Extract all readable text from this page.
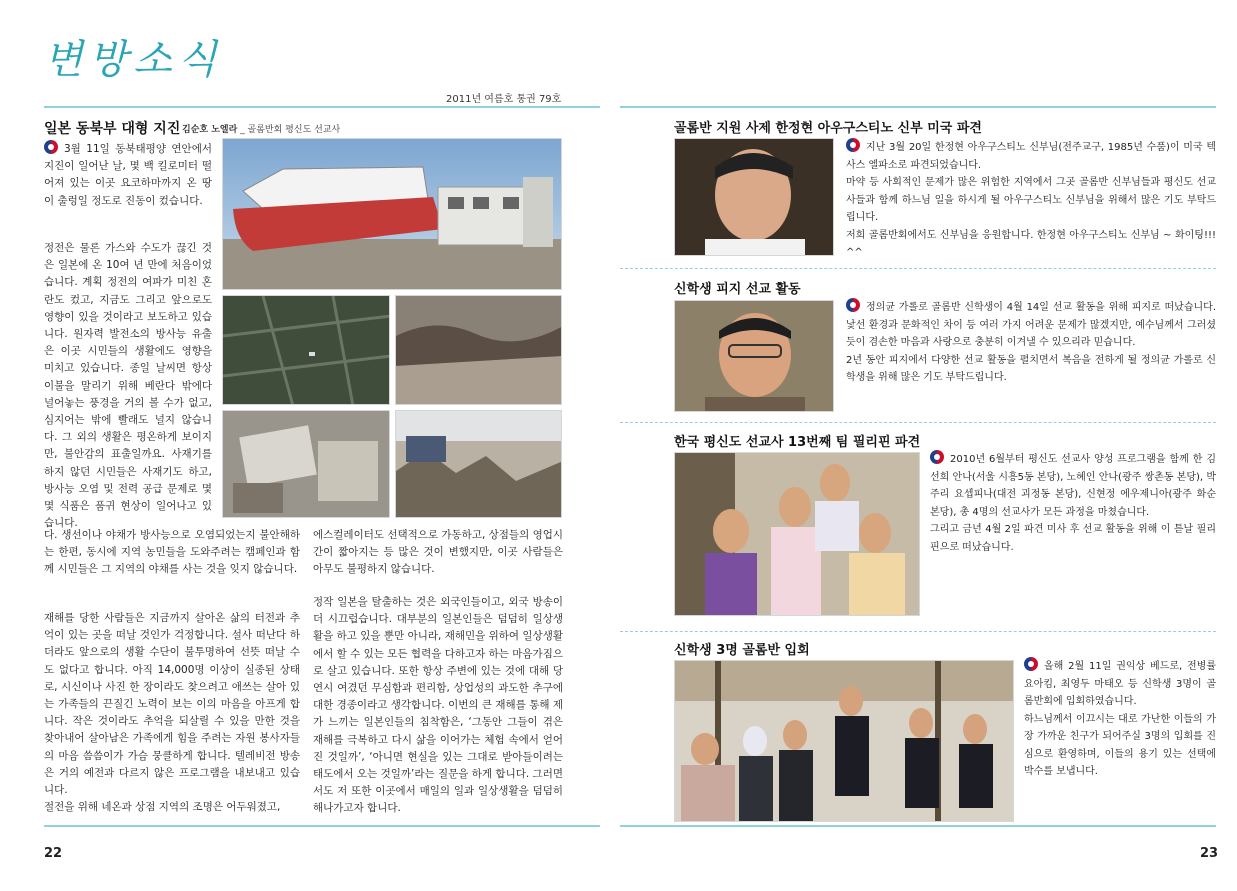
변방소식
2011년 여름호 통권 79호
일본 동북부 대형 지진 김순호 노엘라 _ 골롬반회 평신도 선교사

3월 11일 동북태평양 연안에서 지진이 일어난 날, 몇 백 킬로미터 떨어져 있는 이곳 요코하마까지 온 땅이 출렁일 정도로 진동이 컸습니다.

정전은 물론 가스와 수도가 끊긴 것은 일본에 온 10여 년 만에 처음이었습니다. 계획 정전의 여파가 미친 혼란도 컸고, 지금도 그리고 앞으로도 영향이 있을 것이라고 보도하고 있습니다. 원자력 발전소의 방사능 유출은 이곳 시민들의 생활에도 영향을 미치고 있습니다. 종일 날씨면 항상 이불을 말리기 위해 베란다 밖에다 널어놓는 풍경을 거의 볼 수가 없고, 심지어는 밖에 빨래도 널지 않습니다. 그 외의 생활은 평온하게 보이지만, 불안감의 표출일까요. 사재기를 하지 않던 시민들은 사재기도 하고, 방사능 오염 및 전력 공급 문제로 몇몇 식품은 품귀 현상이 일어나고 있습니다.

다. 생선이나 야채가 방사능으로 오염되었는지 불안해하는 한편, 동시에 지역 농민들을 도와주려는 캠페인과 함께 시민들은 그 지역의 야채를 사는 것을 잊지 않습니다.

재해를 당한 사람들은 지금까지 살아온 삶의 터전과 추억이 있는 곳을 떠날 것인가 걱정합니다. 설사 떠난다 하더라도 앞으로의 생활 수단이 불투명하여 선뜻 떠날 수도 없다고 합니다. 아직 14,000명 이상이 실종된 상태로, 시신이나 사진 한 장이라도 찾으려고 애쓰는 살아 있는 가족들의 끈질긴 노력이 보는 이의 마음을 아프게 합니다. 작은 것이라도 추억을 되살릴 수 있을 만한 것을 찾아내어 살아남은 가족에게 힘을 주려는 자원 봉사자들의 마음 씀씀이가 가슴 뭉클하게 합니다. 텔레비전 방송은 거의 예전과 다르지 않은 프로그램을 내보내고 있습니다.

절전을 위해 네온과 상점 지역의 조명은 어두워졌고,

에스컬레이터도 선택적으로 가동하고, 상점들의 영업시간이 짧아지는 등 많은 것이 변했지만, 이곳 사람들은 아무도 불평하지 않습니다.

정작 일본을 탈출하는 것은 외국인들이고, 외국 방송이 더 시끄럽습니다. 대부분의 일본인들은 덤덤히 일상생활을 하고 있을 뿐만 아니라, 재해민을 위하여 일상생활에서 할 수 있는 모든 협력을 다하고자 하는 마음가짐으로 살고 있습니다. 또한 항상 주변에 있는 것에 대해 당연시 여겼던 무심함과 편리함, 상업성의 과도한 추구에 대한 경종이라고 생각합니다. 이번의 큰 재해를 통해 제가 느끼는 일본인들의 침착함은, ‘그동안 그들이 겪은 재해를 극복하고 다시 삶을 이어가는 체험 속에서 얻어진 것일까’, ‘아니면 현실을 있는 그대로 받아들이려는 태도에서 오는 것일까’라는 질문을 하게 합니다. 그러면서도 저 또한 이곳에서 매일의 일과 일상생활을 덤덤히 해나가고자 합니다.

골롬반 지원 사제 한정현 아우구스티노 신부 미국 파견

지난 3월 20일 한정현 아우구스티노 신부님(전주교구, 1985년 수품)이 미국 텍사스 엘파소로 파견되었습니다.
마약 등 사회적인 문제가 많은 위험한 지역에서 그곳 골롬반 신부님들과 평신도 선교사들과 함께 하느님 일을 하시게 될 아우구스티노 신부님을 위해서 많은 기도 부탁드립니다.
저희 골롬반회에서도 신부님을 응원합니다. 한정현 아우구스티노 신부님 ~ 화이팅!!! ^^

신학생 피지 선교 활동

정의균 가롤로 골롬반 신학생이 4월 14일 선교 활동을 위해 피지로 떠났습니다. 낯선 환경과 문화적인 차이 등 여러 가지 어려운 문제가 많겠지만, 예수님께서 그러셨듯이 겸손한 마음과 사랑으로 충분히 이겨낼 수 있으리라 믿습니다.
2년 동안 피지에서 다양한 선교 활동을 펼치면서 복음을 전하게 될 정의균 가롤로 신학생을 위해 많은 기도 부탁드립니다.

한국 평신도 선교사 13번째 팀 필리핀 파견

2010년 6월부터 평신도 선교사 양성 프로그램을 함께 한 김선희 안나(서울 시흥5동 본당), 노혜인 안나(광주 쌍촌동 본당), 박주리 요셉피나(대전 괴정동 본당), 신현정 에우제니아(광주 화순 본당), 총 4명의 선교사가 모든 과정을 마쳤습니다.
그리고 금년 4월 2일 파견 미사 후 선교 활동을 위해 이 튿날 필리핀으로 떠났습니다.

신학생 3명 골롬반 입회

올해 2월 11일 권익상 베드로, 전병률 요아킴, 최영두 마태오 등 신학생 3명이 골롬반회에 입회하였습니다.
하느님께서 이끄시는 대로 가난한 이들의 가장 가까운 친구가 되어주실 3명의 입회를 진심으로 환영하며, 이들의 용기 있는 선택에 박수를 보냅니다.

22	23
